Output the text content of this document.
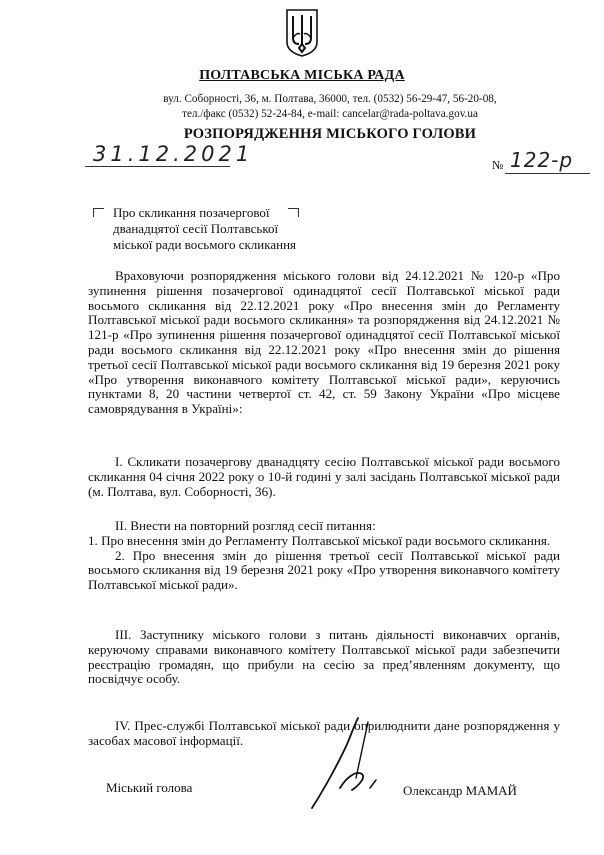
ПОЛТАВСЬКА МІСЬКА РАДА
вул. Соборності, 36, м. Полтава, 36000, тел. (0532) 56-29-47, 56-20-08,
тел./факс (0532) 52-24-84, e-mail: cancelar@rada-poltava.gov.ua
РОЗПОРЯДЖЕННЯ МІСЬКОГО ГОЛОВИ
31.12.2021	№ 122-р
Про скликання позачергової
дванадцятої сесії Полтавської
міської ради восьмого скликання
Враховуючи розпорядження міського голови від 24.12.2021 № 120-р «Про зупинення рішення позачергової одинадцятої сесії Полтавської міської ради восьмого скликання від 22.12.2021 року «Про внесення змін до Регламенту Полтавської міської ради восьмого скликання» та розпорядження від 24.12.2021 № 121-р «Про зупинення рішення позачергової одинадцятої сесії Полтавської міської ради восьмого скликання від 22.12.2021 року «Про внесення змін до рішення третьої сесії Полтавської міської ради восьмого скликання від 19 березня 2021 року «Про утворення виконавчого комітету Полтавської міської ради», керуючись пунктами 8, 20 частини четвертої ст. 42, ст. 59 Закону України «Про місцеве самоврядування в Україні»:
І. Скликати позачергову дванадцяту сесію Полтавської міської ради восьмого скликання 04 січня 2022 року о 10-й годині у залі засідань Полтавської міської ради (м. Полтава, вул. Соборності, 36).
ІІ. Внести на повторний розгляд сесії питання:
1. Про внесення змін до Регламенту Полтавської міської ради восьмого скликання.
2. Про внесення змін до рішення третьої сесії Полтавської міської ради восьмого скликання від 19 березня 2021 року «Про утворення виконавчого комітету Полтавської міської ради».
ІІІ. Заступнику міського голови з питань діяльності виконавчих органів, керуючому справами виконавчого комітету Полтавської міської ради забезпечити реєстрацію громадян, що прибули на сесію за пред’явленням документу, що посвідчує особу.
IV. Прес-службі Полтавської міської ради оприлюднити дане розпорядження у засобах масової інформації.
Міський голова	Олександр МАМАЙ
